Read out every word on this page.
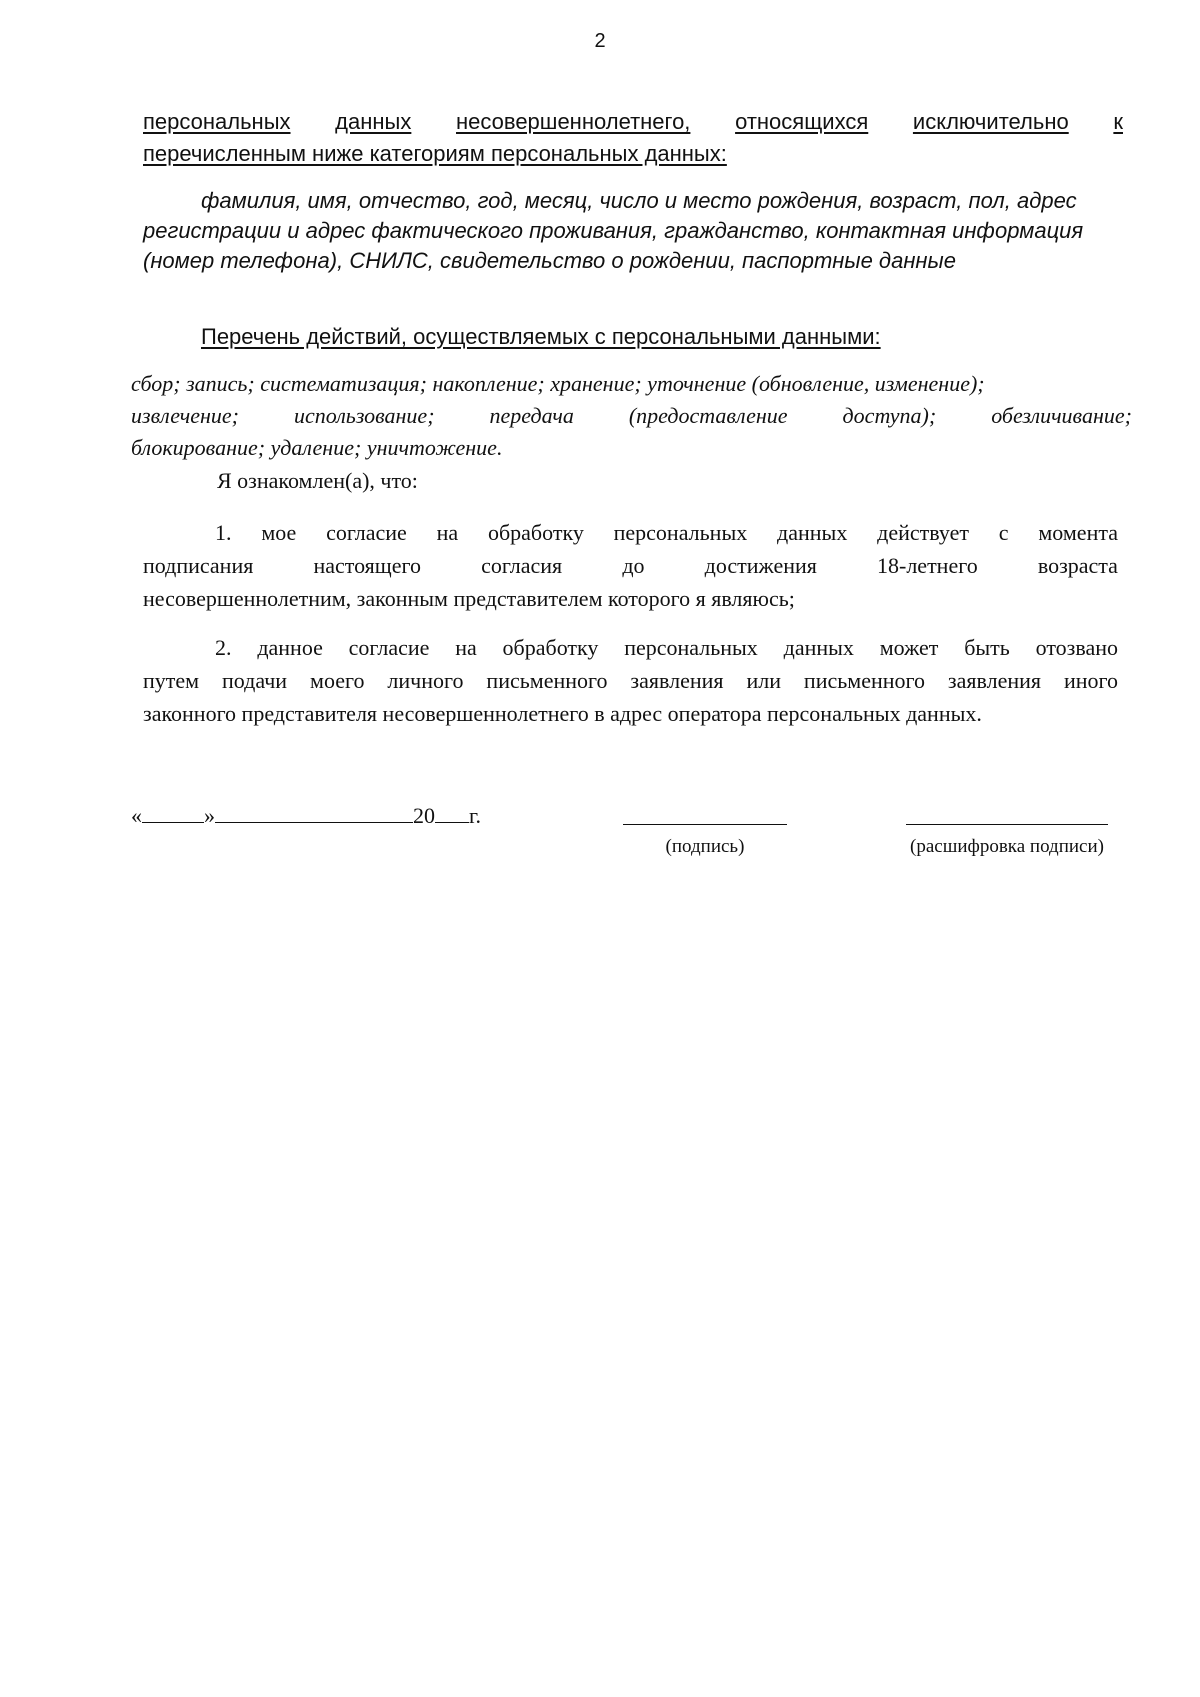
2
персональных данных несовершеннолетнего, относящихся исключительно к
перечисленным ниже категориям персональных данных:
фамилия, имя, отчество, год, месяц, число и место рождения, возраст, пол, адрес
регистрации и адрес фактического проживания, гражданство, контактная информация
(номер телефона), СНИЛС, свидетельство о рождении, паспортные данные
Перечень действий, осуществляемых с персональными данными:
сбор; запись; систематизация; накопление; хранение; уточнение (обновление, изменение);
извлечение; использование; передача (предоставление доступа); обезличивание;
блокирование; удаление; уничтожение.
Я ознакомлен(а), что:
1. мое согласие на обработку персональных данных действует с момента
подписания	настоящего	согласия	до	достижения	18-летнего	возраста
несовершеннолетним, законным представителем которого я являюсь;
2. данное согласие на обработку персональных данных может быть отозвано
путем подачи моего личного письменного заявления или письменного заявления иного
законного представителя несовершеннолетнего в адрес оператора персональных данных.
«	»	20 г.
(подпись)	(расшифровка подписи)
